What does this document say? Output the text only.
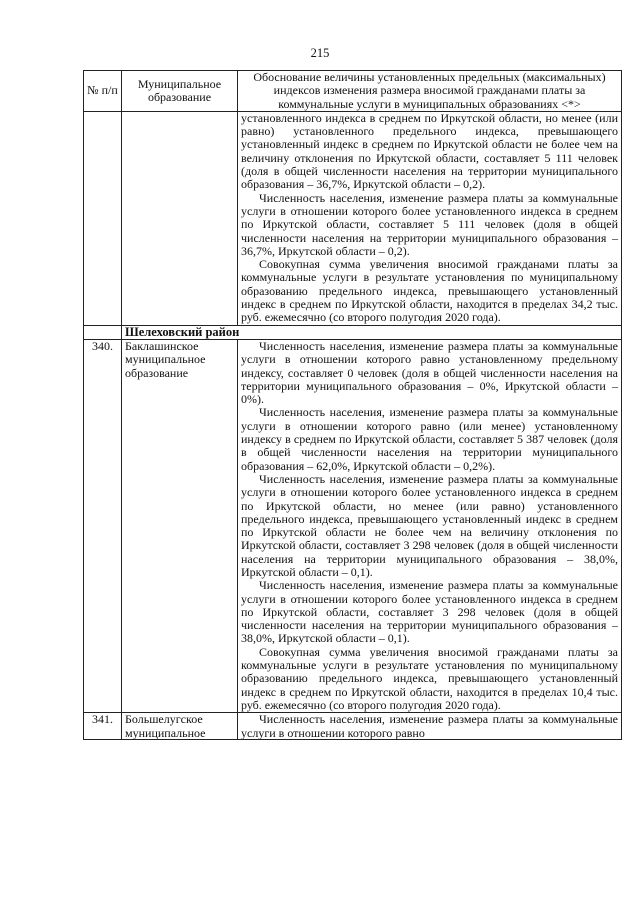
215
№ п/п	Муниципальное образование	Обоснование величины установленных предельных (максимальных) индексов изменения размера вносимой гражданами платы за коммунальные услуги в муниципальных образованиях <*>

		установленного индекса в среднем по Иркутской области, но менее (или равно) установленного предельного индекса, превышающего установленный индекс в среднем по Иркутской области не более чем на величину отклонения по Иркутской области, составляет 5 111 человек (доля в общей численности населения на территории муниципального образования – 36,7%, Иркутской области – 0,2).

Численность населения, изменение размера платы за коммунальные услуги в отношении которого более установленного индекса в среднем по Иркутской области, составляет 5 111 человек (доля в общей численности населения на территории муниципального образования – 36,7%, Иркутской области – 0,2).

Совокупная сумма увеличения вносимой гражданами платы за коммунальные услуги в результате установления по муниципальному образованию предельного индекса, превышающего установленный индекс в среднем по Иркутской области, находится в пределах 34,2 тыс. руб. ежемесячно (со второго полугодия 2020 года).

	Шелеховский район	
340.	Баклашинское муниципальное образование	Численность населения, изменение размера платы за коммунальные услуги в отношении которого равно установленному предельному индексу, составляет 0 человек (доля в общей численности населения на территории муниципального образования – 0%, Иркутской области – 0%).

Численность населения, изменение размера платы за коммунальные услуги в отношении которого равно (или менее) установленному индексу в среднем по Иркутской области, составляет 5 387 человек (доля в общей численности населения на территории муниципального образования – 62,0%, Иркутской области – 0,2%).

Численность населения, изменение размера платы за коммунальные услуги в отношении которого более установленного индекса в среднем по Иркутской области, но менее (или равно) установленного предельного индекса, превышающего установленный индекс в среднем по Иркутской области не более чем на величину отклонения по Иркутской области, составляет 3 298 человек (доля в общей численности населения на территории муниципального образования – 38,0%, Иркутской области – 0,1).

Численность населения, изменение размера платы за коммунальные услуги в отношении которого более установленного индекса в среднем по Иркутской области, составляет 3 298 человек (доля в общей численности населения на территории муниципального образования – 38,0%, Иркутской области – 0,1).

Совокупная сумма увеличения вносимой гражданами платы за коммунальные услуги в результате установления по муниципальному образованию предельного индекса, превышающего установленный индекс в среднем по Иркутской области, находится в пределах 10,4 тыс. руб. ежемесячно (со второго полугодия 2020 года).

341.	Большелугское муниципальное	Численность населения, изменение размера платы за коммунальные услуги в отношении которого равно
